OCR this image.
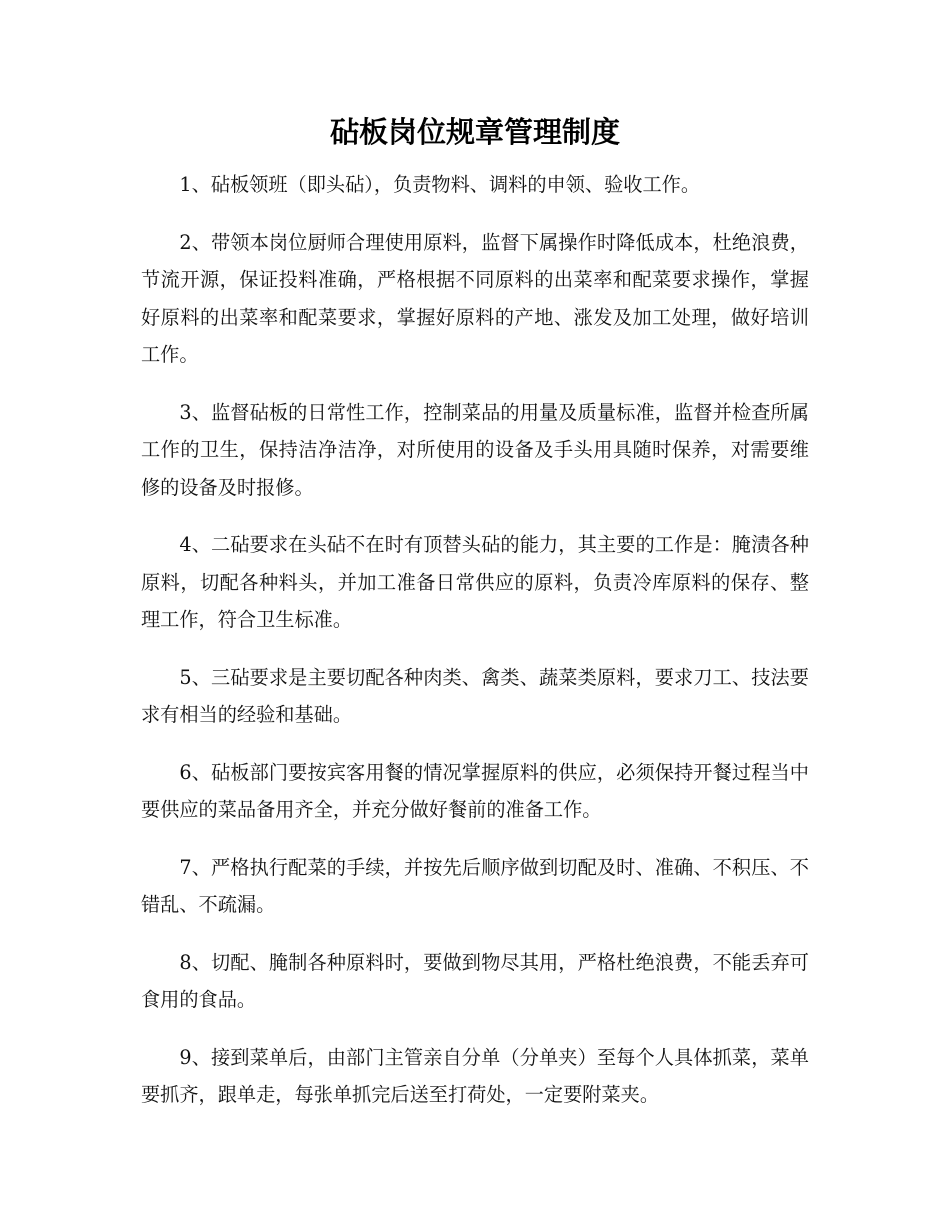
砧板岗位规章管理制度

1、砧板领班（即头砧），负责物料、调料的申领、验收工作。

2、带领本岗位厨师合理使用原料，监督下属操作时降低成本，杜绝浪费，节流开源，保证投料准确，严格根据不同原料的出菜率和配菜要求操作，掌握好原料的出菜率和配菜要求，掌握好原料的产地、涨发及加工处理，做好培训工作。

3、监督砧板的日常性工作，控制菜品的用量及质量标准，监督并检查所属工作的卫生，保持洁净洁净，对所使用的设备及手头用具随时保养，对需要维修的设备及时报修。

4、二砧要求在头砧不在时有顶替头砧的能力，其主要的工作是：腌渍各种原料，切配各种料头，并加工准备日常供应的原料，负责冷库原料的保存、整理工作，符合卫生标准。

5、三砧要求是主要切配各种肉类、禽类、蔬菜类原料，要求刀工、技法要求有相当的经验和基础。

6、砧板部门要按宾客用餐的情况掌握原料的供应，必须保持开餐过程当中要供应的菜品备用齐全，并充分做好餐前的准备工作。

7、严格执行配菜的手续，并按先后顺序做到切配及时、准确、不积压、不错乱、不疏漏。

8、切配、腌制各种原料时，要做到物尽其用，严格杜绝浪费，不能丢弃可食用的食品。

9、接到菜单后，由部门主管亲自分单（分单夹）至每个人具体抓菜，菜单要抓齐，跟单走，每张单抓完后送至打荷处，一定要附菜夹。
